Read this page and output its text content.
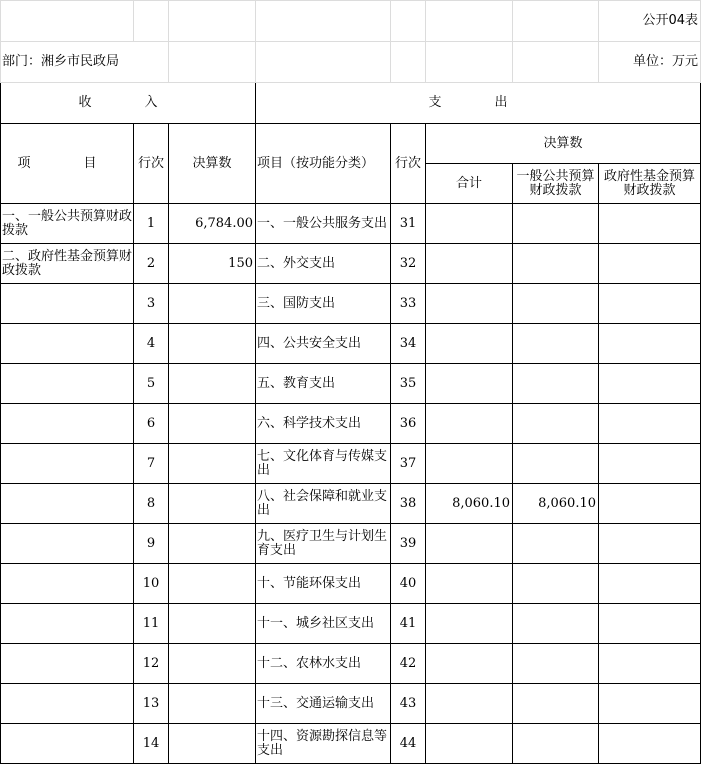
							公开04表
部门：湘乡市民政局							单位：万元
收　入			支　出				
项　目	行次	决算数	项目（按功能分类）	行次	决算数		
					合计	一般公共预算财政拨款	政府性基金预算财政拨款
一、一般公共预算财政拨款	1	6,784.00	一、一般公共服务支出	31			
二、政府性基金预算财政拨款	2	150	二、外交支出	32			
	3		三、国防支出	33			
	4		四、公共安全支出	34			
	5		五、教育支出	35			
	6		六、科学技术支出	36			
	7		七、文化体育与传媒支出	37			
	8		八、社会保障和就业支出	38	8,060.10	8,060.10	
	9		九、医疗卫生与计划生育支出	39			
	10		十、节能环保支出	40			
	11		十一、城乡社区支出	41			
	12		十二、农林水支出	42			
	13		十三、交通运输支出	43			
	14		十四、资源勘探信息等支出	44			
